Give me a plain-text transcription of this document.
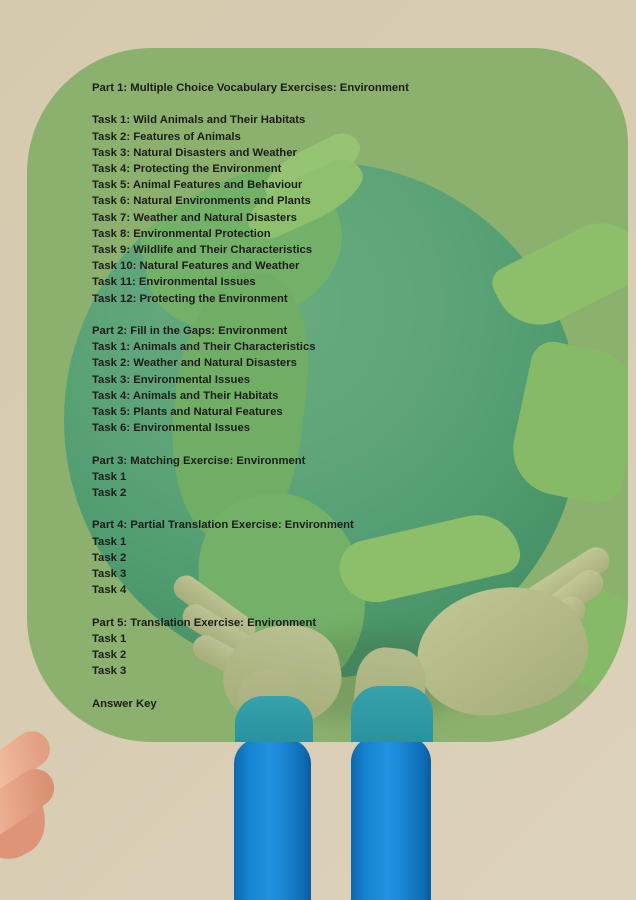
Part 1: Multiple Choice Vocabulary Exercises: Environment
Task 1: Wild Animals and Their Habitats
Task 2: Features of Animals
Task 3: Natural Disasters and Weather
Task 4: Protecting the Environment
Task 5: Animal Features and Behaviour
Task 6: Natural Environments and Plants
Task 7: Weather and Natural Disasters
Task 8: Environmental Protection
Task 9: Wildlife and Their Characteristics
Task 10: Natural Features and Weather
Task 11: Environmental Issues
Task 12: Protecting the Environment
Part 2: Fill in the Gaps: Environment
Task 1: Animals and Their Characteristics
Task 2: Weather and Natural Disasters
Task 3: Environmental Issues
Task 4: Animals and Their Habitats
Task 5: Plants and Natural Features
Task 6: Environmental Issues
Part 3: Matching Exercise: Environment
Task 1
Task 2
Part 4: Partial Translation Exercise: Environment
Task 1
Task 2
Task 3
Task 4
Part 5: Translation Exercise: Environment
Task 1
Task 2
Task 3
Answer Key
